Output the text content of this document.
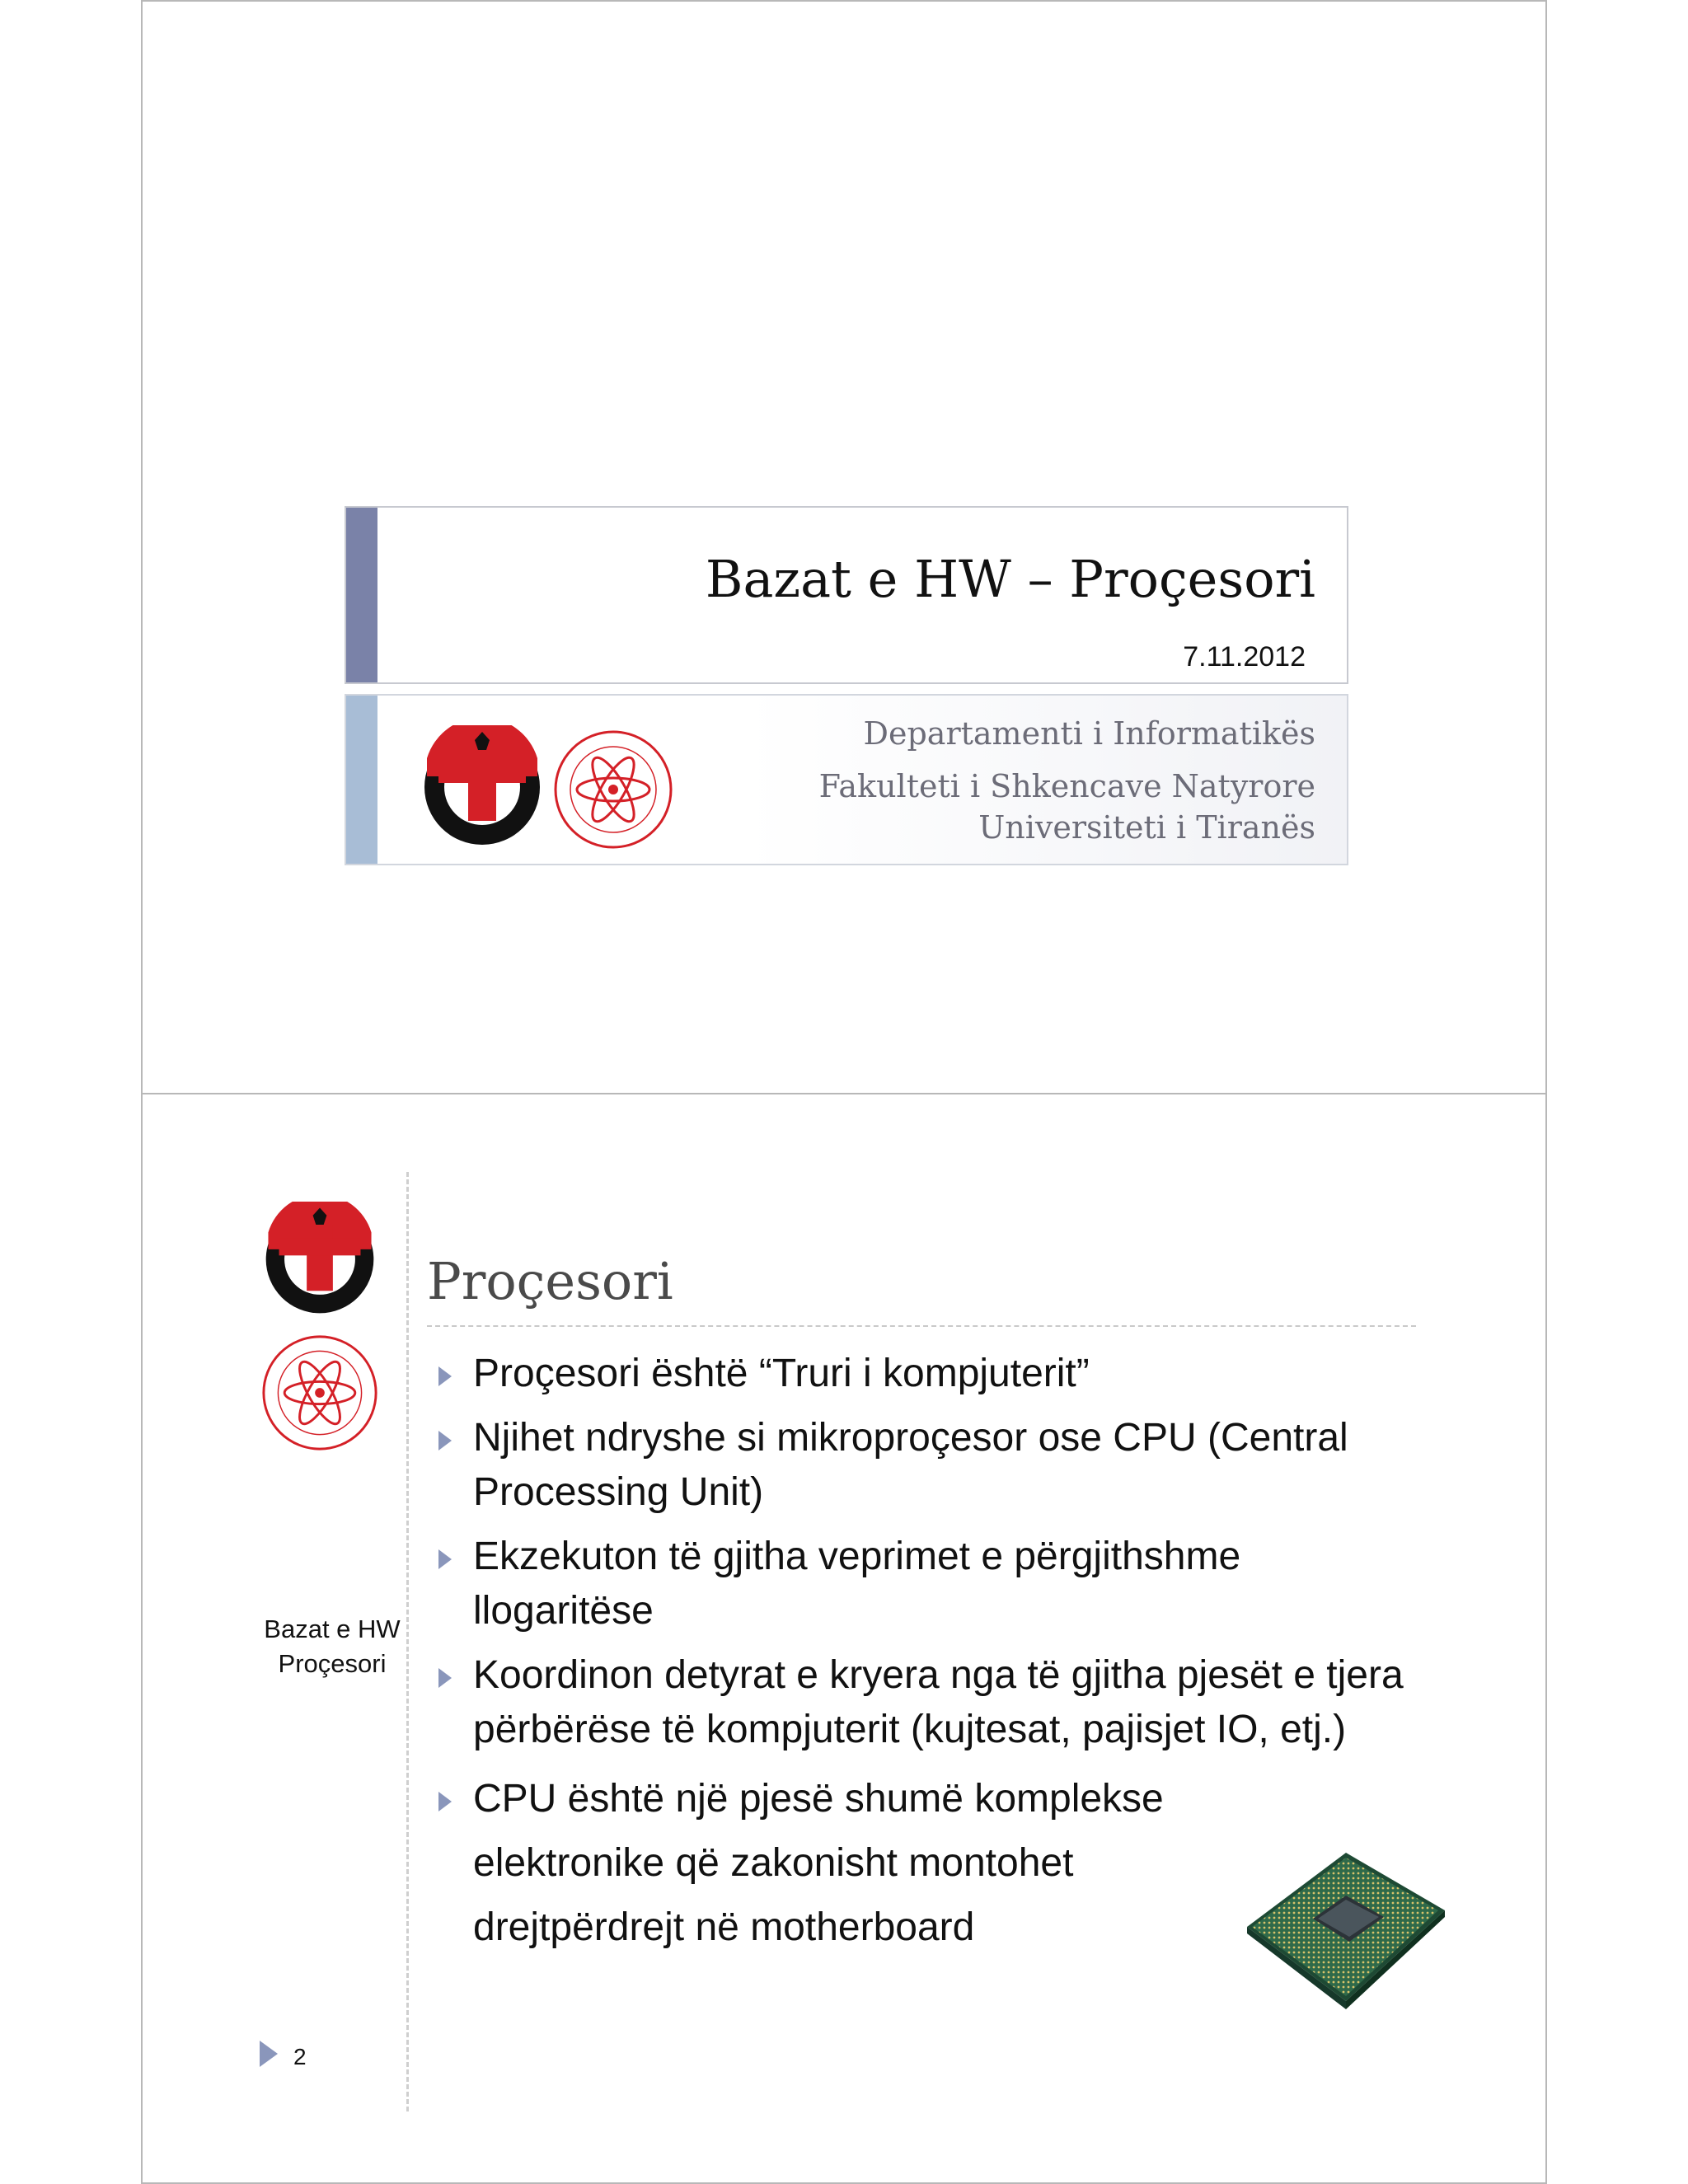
Bazat e HW – Proçesori
7.11.2012
Departamenti i Informatikës
Fakulteti i Shkencave Natyrore
Universiteti i Tiranës
Bazat e HW
Proçesori
2
Proçesori
Proçesori është “Truri i kompjuterit”
Njihet ndryshe si mikroproçesor ose CPU (Central Processing Unit)
Ekzekuton të gjitha veprimet e përgjithshme llogaritëse
Koordinon detyrat e kryera nga të gjitha pjesët e tjera përbërëse të kompjuterit (kujtesat, pajisjet IO, etj.)
CPU është një pjesë shumë komplekse elektronike që zakonisht montohet drejtpërdrejt në motherboard
